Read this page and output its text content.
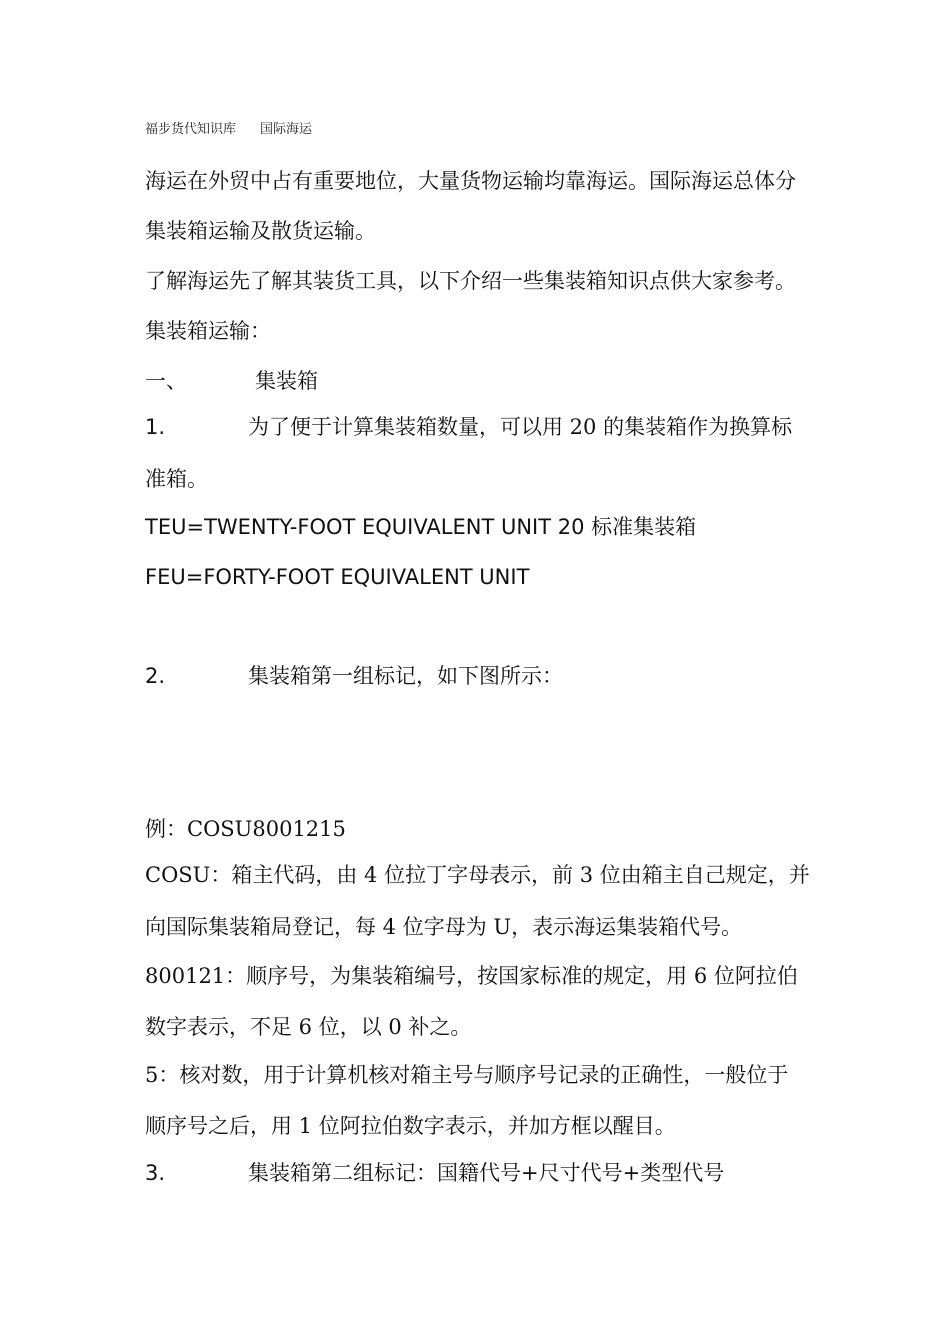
福步货代知识库 国际海运
海运在外贸中占有重要地位，大量货物运输均靠海运。国际海运总体分
集装箱运输及散货运输。
了解海运先了解其装货工具，以下介绍一些集装箱知识点供大家参考。
集装箱运输：
一、	集装箱
1.	为了便于计算集装箱数量，可以用 20 的集装箱作为换算标
准箱。
TEU=TWENTY-FOOT EQUIVALENT UNIT 20 标准集装箱
FEU=FORTY-FOOT EQUIVALENT UNIT
2.	集装箱第一组标记，如下图所示：
例：COSU8001215
COSU：箱主代码，由 4 位拉丁字母表示，前 3 位由箱主自己规定，并
向国际集装箱局登记，每 4 位字母为 U，表示海运集装箱代号。
800121：顺序号，为集装箱编号，按国家标准的规定，用 6 位阿拉伯
数字表示，不足 6 位，以 0 补之。
5：核对数，用于计算机核对箱主号与顺序号记录的正确性，一般位于
顺序号之后，用 1 位阿拉伯数字表示，并加方框以醒目。
3.	集装箱第二组标记：国籍代号+尺寸代号+类型代号
